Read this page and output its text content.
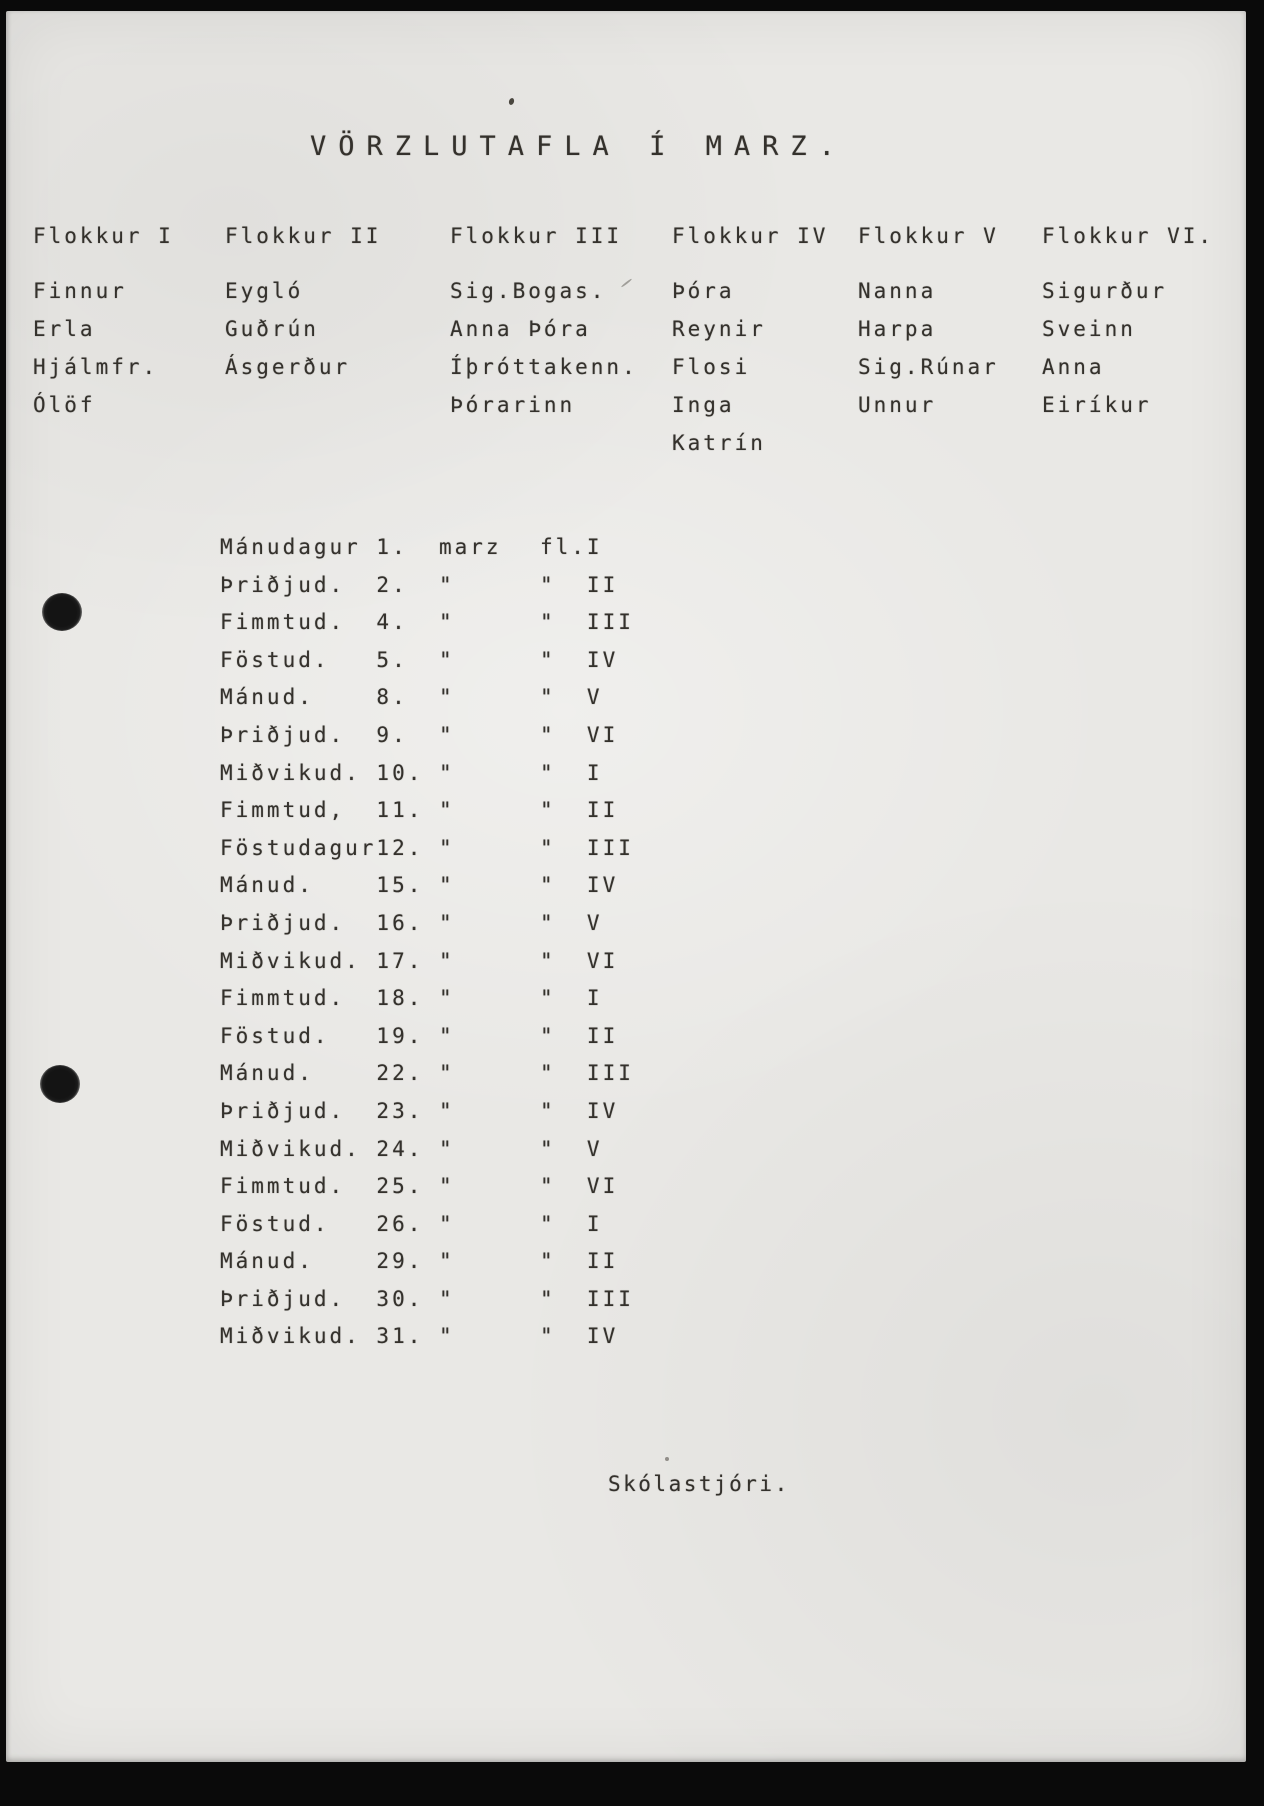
VÖRZLUTAFLA Í MARZ.
Flokkur I
Finnur
Erla
Hjálmfr.
Ólöf
Flokkur II
Eygló
Guðrún
Ásgerður
Flokkur III
Sig.Bogas.
Anna Þóra
Íþróttakenn.
Þórarinn
Flokkur IV
Þóra
Reynir
Flosi
Inga
Katrín
Flokkur V
Nanna
Harpa
Sig.Rúnar
Unnur
Flokkur VI.
Sigurður
Sveinn
Anna
Eiríkur
Mánudagur 1.  marz
Þriðjud.  2.  "
Fimmtud.  4.  "
Föstud.   5.  "
Mánud.    8.  "
Þriðjud.  9.  "
Miðvikud. 10. "
Fimmtud,  11. "
Föstudagur12. "
Mánud.    15. "
Þriðjud.  16. "
Miðvikud. 17. "
Fimmtud.  18. "
Föstud.   19. "
Mánud.    22. "
Þriðjud.  23. "
Miðvikud. 24. "
Fimmtud.  25. "
Föstud.   26. "
Mánud.    29. "
Þriðjud.  30. "
Miðvikud. 31. "
fl.I
"  II
"  III
"  IV
"  V
"  VI
"  I
"  II
"  III
"  IV
"  V
"  VI
"  I
"  II
"  III
"  IV
"  V
"  VI
"  I
"  II
"  III
"  IV
Skólastjóri.
